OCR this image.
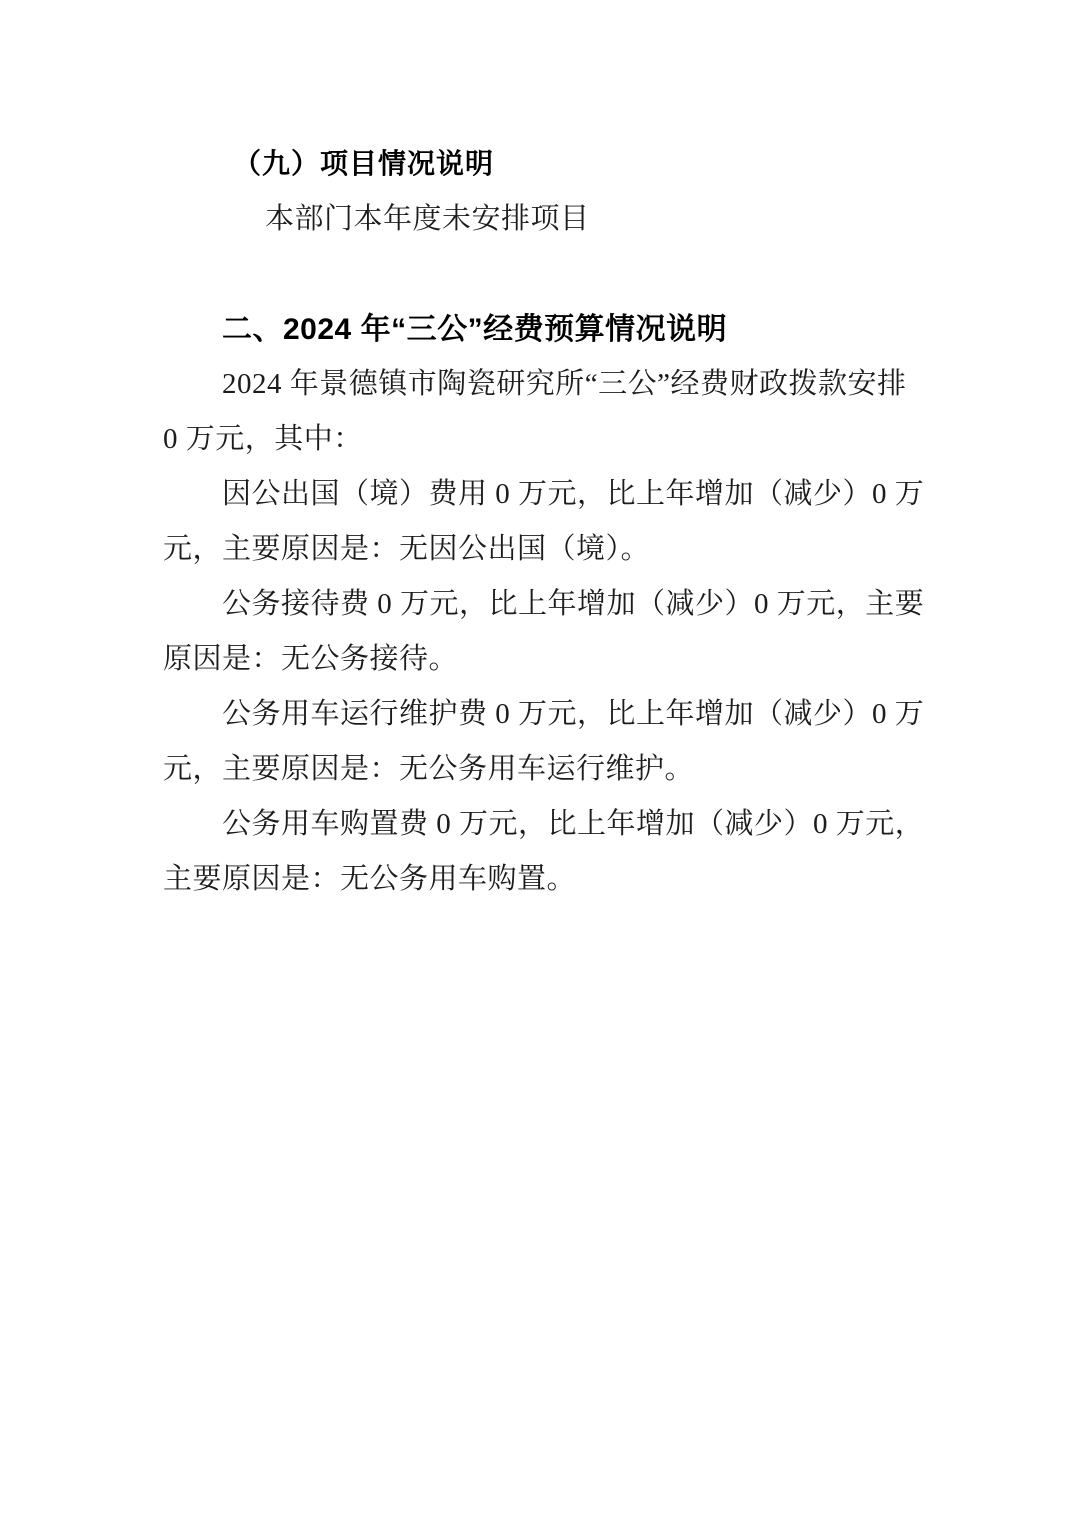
（九）项目情况说明
本部门本年度未安排项目
二、2024 年“三公”经费预算情况说明
2024 年景德镇市陶瓷研究所“三公”经费财政拨款安排
0 万元，其中：
因公出国（境）费用 0 万元，比上年增加（减少）0 万
元，主要原因是：无因公出国（境）。
公务接待费 0 万元，比上年增加（减少）0 万元，主要
原因是：无公务接待。
公务用车运行维护费 0 万元，比上年增加（减少）0 万
元，主要原因是：无公务用车运行维护。
公务用车购置费 0 万元，比上年增加（减少）0 万元，
主要原因是：无公务用车购置。
